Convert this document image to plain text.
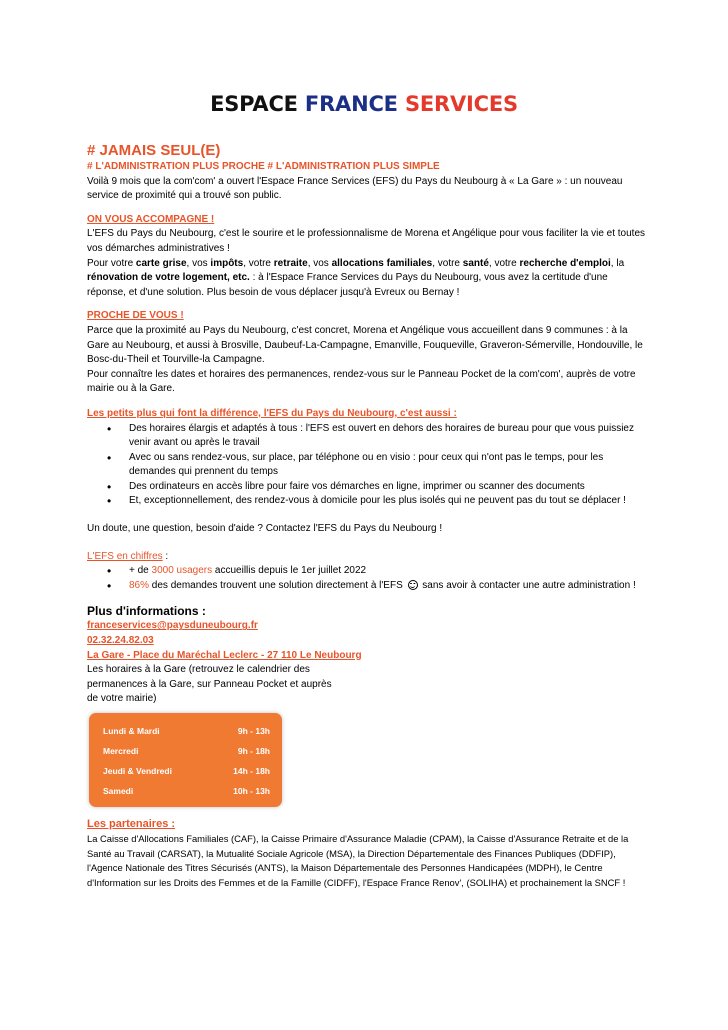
ESPACE FRANCE SERVICES
# JAMAIS SEUL(E)
# L'ADMINISTRATION PLUS PROCHE # L'ADMINISTRATION PLUS SIMPLE

Voilà 9 mois que la com'com' a ouvert l'Espace France Services (EFS) du Pays du Neubourg à « La Gare » : un nouveau service de proximité qui a trouvé son public.

ON VOUS ACCOMPAGNE !

L'EFS du Pays du Neubourg, c'est le sourire et le professionnalisme de Morena et Angélique pour vous faciliter la vie et toutes vos démarches administratives !

Pour votre carte grise, vos impôts, votre retraite, vos allocations familiales, votre santé, votre recherche d'emploi, la rénovation de votre logement, etc. : à l'Espace France Services du Pays du Neubourg, vous avez la certitude d'une réponse, et d'une solution. Plus besoin de vous déplacer jusqu'à Evreux ou Bernay !

PROCHE DE VOUS !

Parce que la proximité au Pays du Neubourg, c'est concret, Morena et Angélique vous accueillent dans 9 communes : à la Gare au Neubourg, et aussi à Brosville, Daubeuf-La-Campagne, Emanville, Fouqueville, Graveron-Sémerville, Hondouville, le Bosc-du-Theil et Tourville-la Campagne.

Pour connaître les dates et horaires des permanences, rendez-vous sur le Panneau Pocket de la com'com', auprès de votre mairie ou à la Gare.

Les petits plus qui font la différence, l'EFS du Pays du Neubourg, c'est aussi :
• Des horaires élargis et adaptés à tous : l'EFS est ouvert en dehors des horaires de bureau pour que vous puissiez venir avant ou après le travail
• Avec ou sans rendez-vous, sur place, par téléphone ou en visio : pour ceux qui n'ont pas le temps, pour les demandes qui prennent du temps
• Des ordinateurs en accès libre pour faire vos démarches en ligne, imprimer ou scanner des documents
• Et, exceptionnellement, des rendez-vous à domicile pour les plus isolés qui ne peuvent pas du tout se déplacer !

Un doute, une question, besoin d'aide ? Contactez l'EFS du Pays du Neubourg !

L'EFS en chiffres :
• + de 3000 usagers accueillis depuis le 1er juillet 2022
• 86% des demandes trouvent une solution directement à l'EFS  sans avoir à contacter une autre administration !
Plus d'informations :
franceservices@paysduneubourg.fr
02.32.24.82.03
La Gare - Place du Maréchal Leclerc - 27 110 Le Neubourg

Les horaires à la Gare (retrouvez le calendrier des permanences à la Gare, sur Panneau Pocket et auprès de votre mairie)

Lundi & Mardi	9h - 13h
Mercredi	9h - 18h
Jeudi & Vendredi	14h - 18h
Samedi	10h - 13h
Les partenaires :

La Caisse d'Allocations Familiales (CAF), la Caisse Primaire d'Assurance Maladie (CPAM), la Caisse d'Assurance Retraite et de la Santé au Travail (CARSAT), la Mutualité Sociale Agricole (MSA), la Direction Départementale des Finances Publiques (DDFIP), l'Agence Nationale des Titres Sécurisés (ANTS), la Maison Départementale des Personnes Handicapées (MDPH), le Centre d'Information sur les Droits des Femmes et de la Famille (CIDFF), l'Espace France Renov', (SOLIHA) et prochainement la SNCF !
